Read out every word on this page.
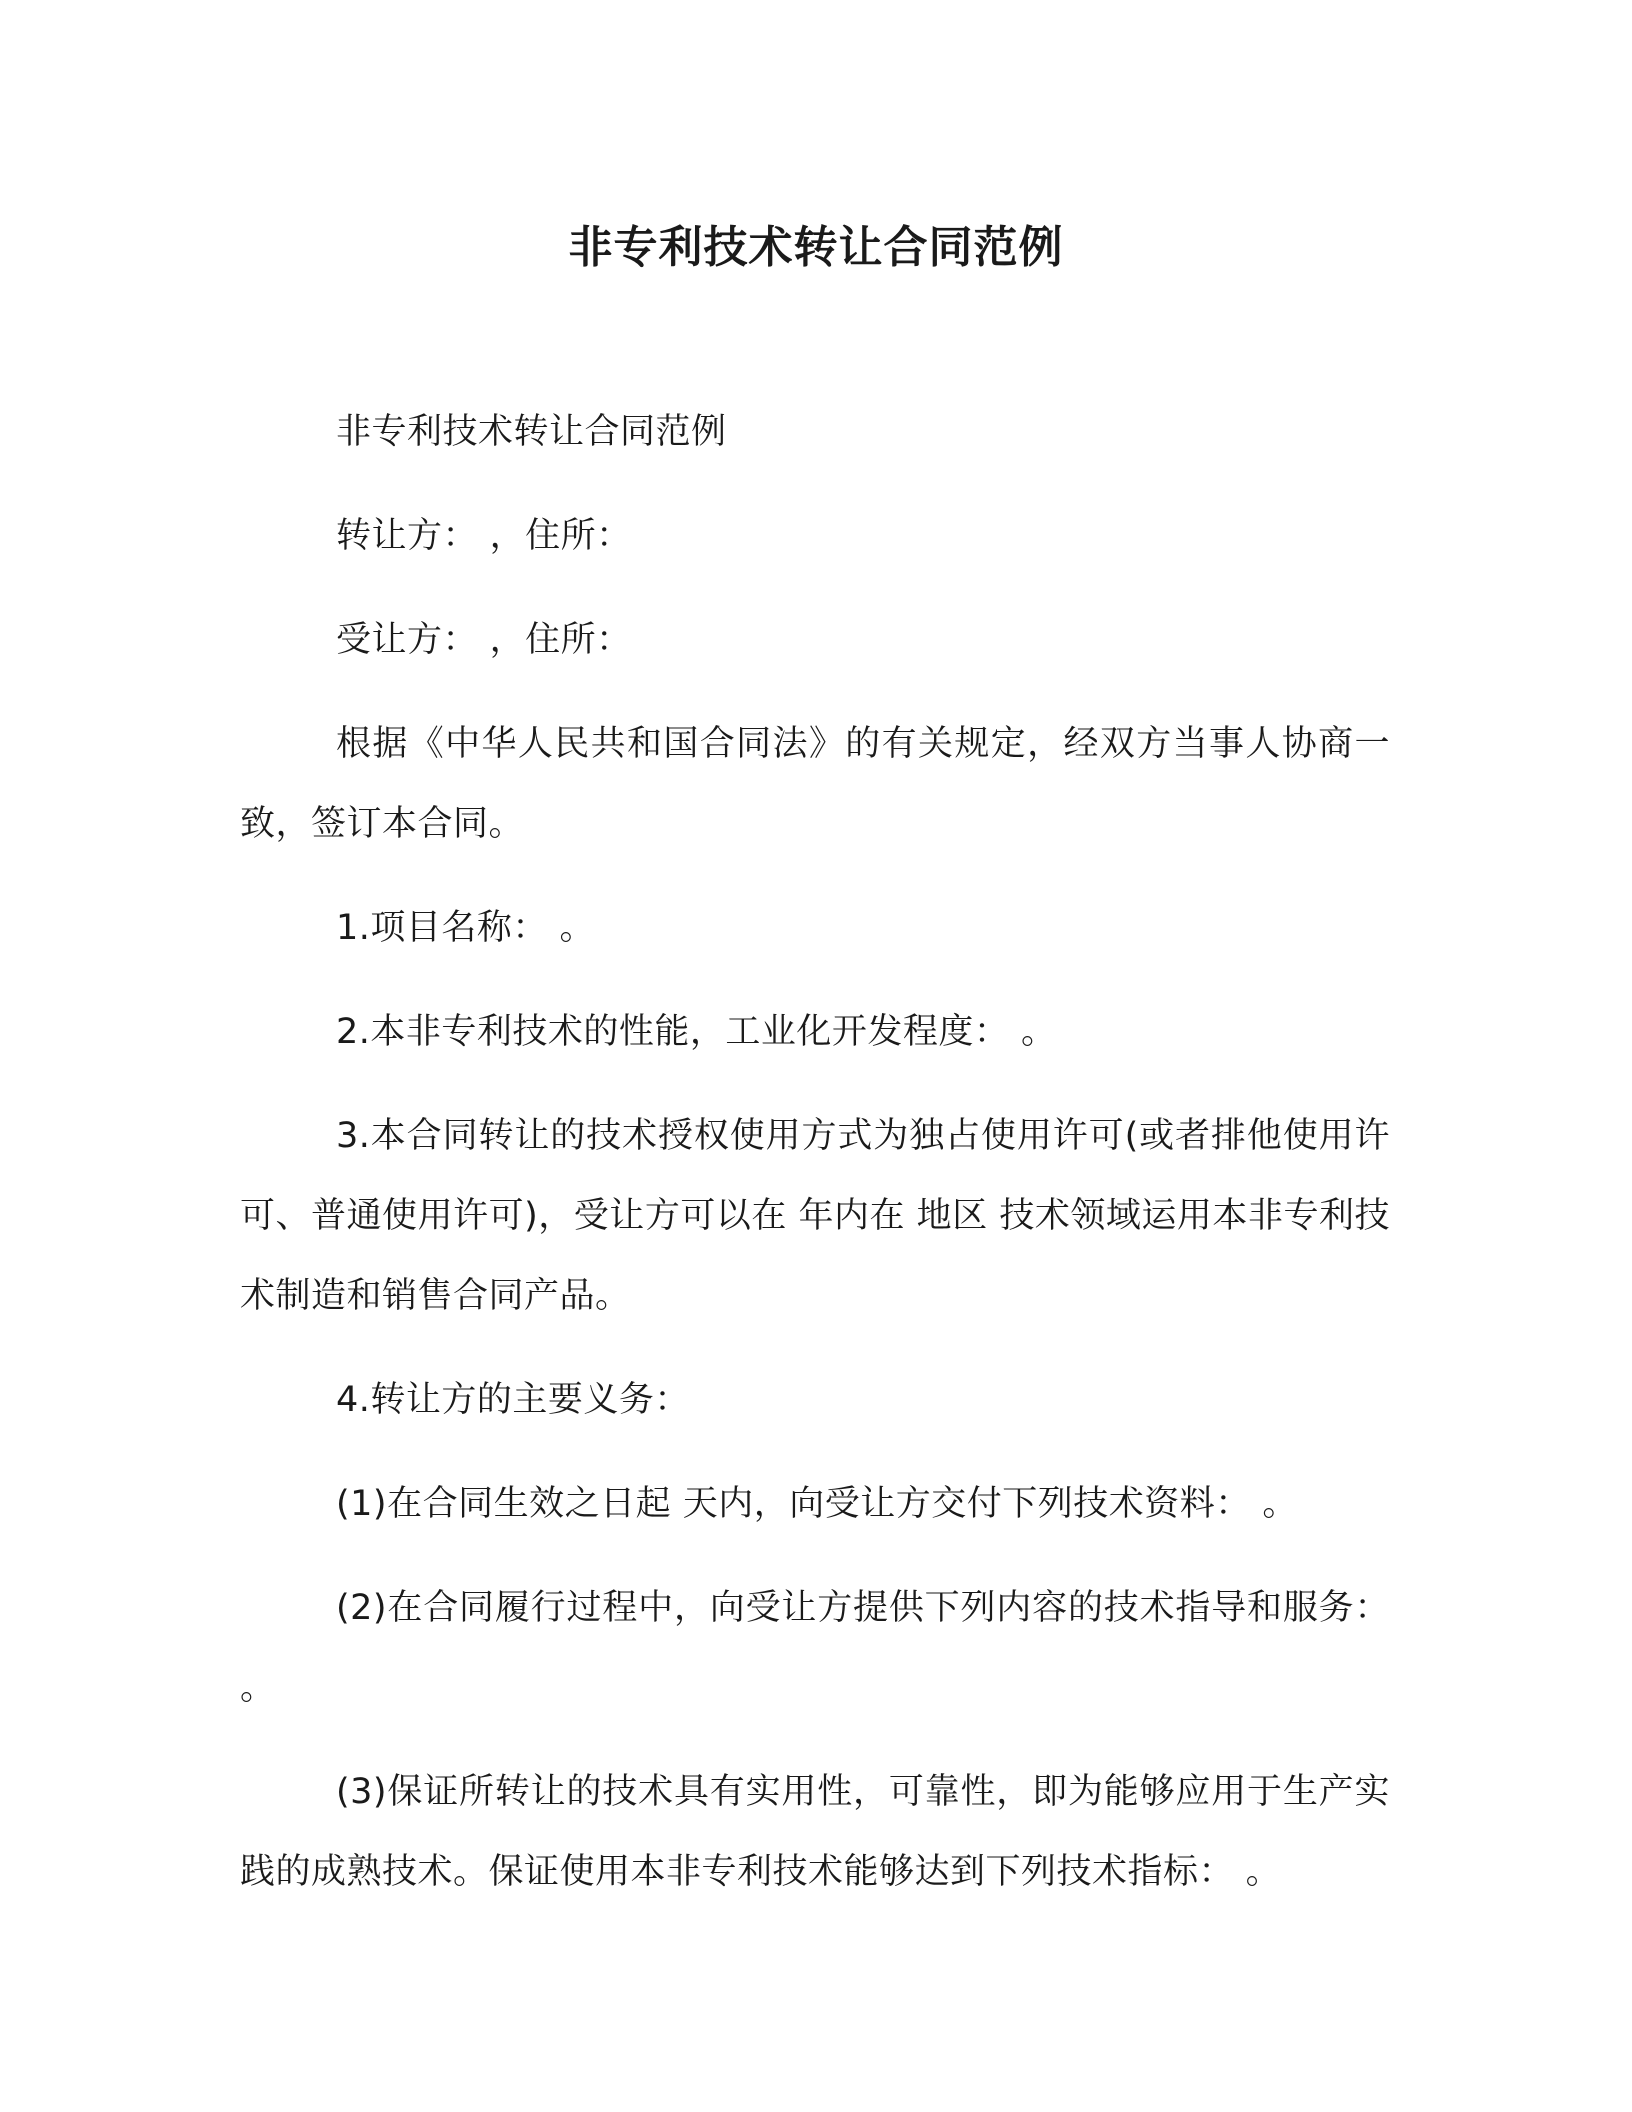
非专利技术转让合同范例

非专利技术转让合同范例

转让方： ，住所：

受让方： ，住所：

根据《中华人民共和国合同法》的有关规定，经双方当事人协商一致，签订本合同。

1.项目名称： 。

2.本非专利技术的性能，工业化开发程度： 。

3.本合同转让的技术授权使用方式为独占使用许可(或者排他使用许可、普通使用许可)，受让方可以在 年内在 地区 技术领域运用本非专利技术制造和销售合同产品。

4.转让方的主要义务：

(1)在合同生效之日起 天内，向受让方交付下列技术资料： 。

(2)在合同履行过程中，向受让方提供下列内容的技术指导和服务： 。

(3)保证所转让的技术具有实用性，可靠性，即为能够应用于生产实践的成熟技术。保证使用本非专利技术能够达到下列技术指标： 。
